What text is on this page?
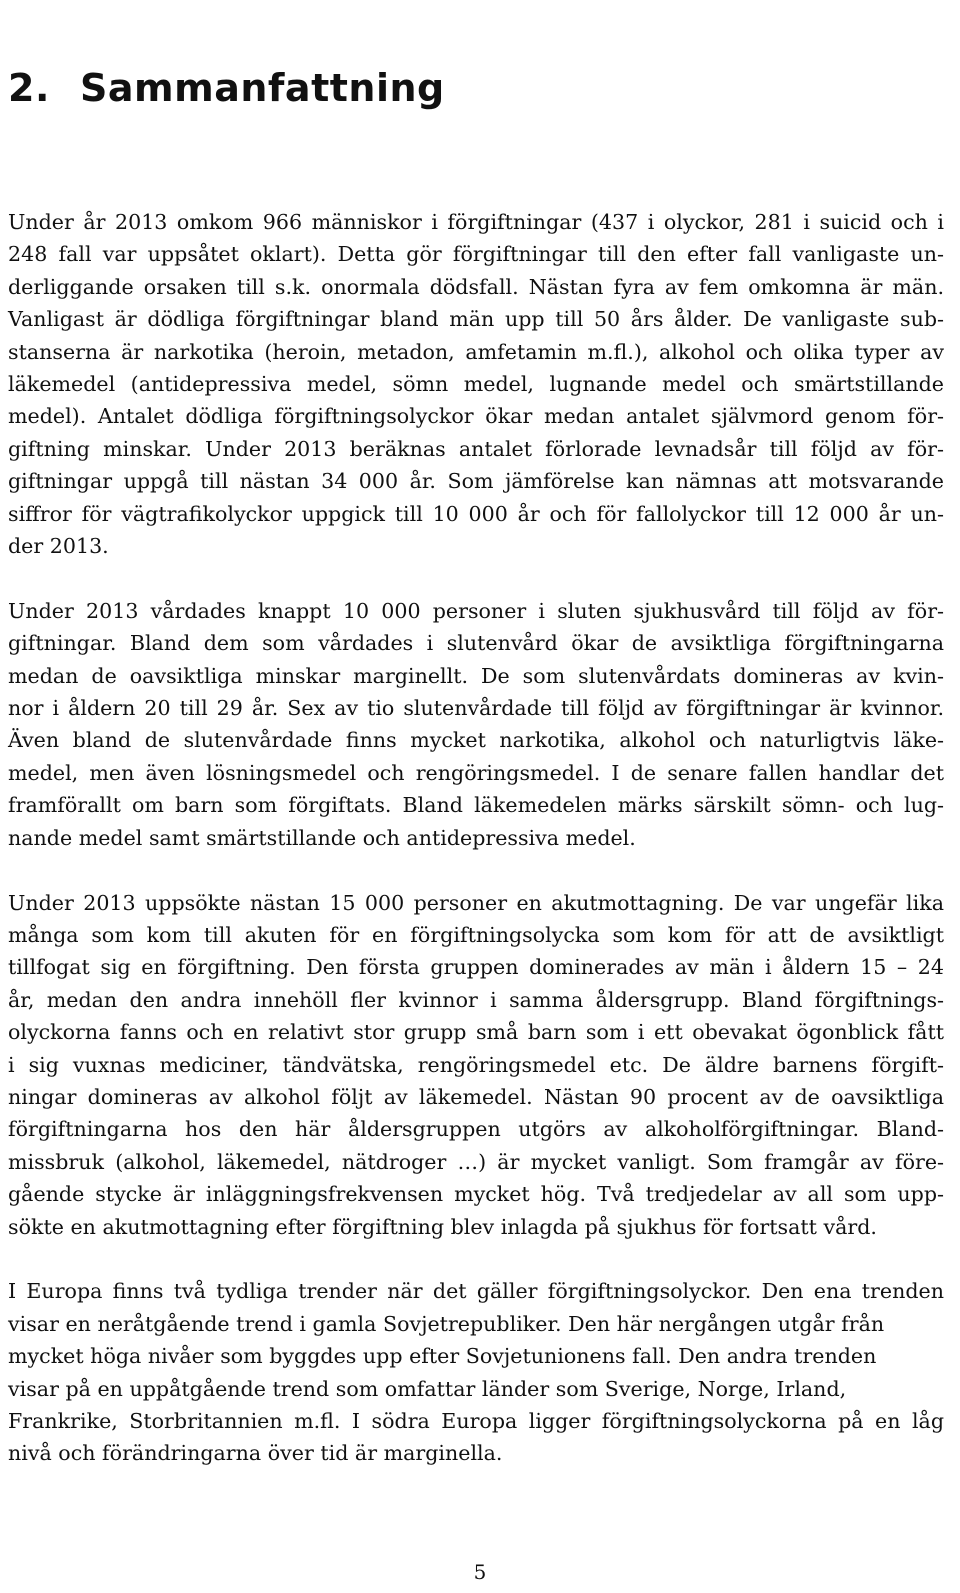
2. Sammanfattning
Under år 2013 omkom 966 människor i förgiftningar (437 i olyckor, 281 i suicid och i
248 fall var uppsåtet oklart). Detta gör förgiftningar till den efter fall vanligaste un-
derliggande orsaken till s.k. onormala dödsfall. Nästan fyra av fem omkomna är män.
Vanligast är dödliga förgiftningar bland män upp till 50 års ålder. De vanligaste sub-
stanserna är narkotika (heroin, metadon, amfetamin m.fl.), alkohol och olika typer av
läkemedel (antidepressiva medel, sömn medel, lugnande medel och smärtstillande
medel). Antalet dödliga förgiftningsolyckor ökar medan antalet självmord genom för-
giftning minskar. Under 2013 beräknas antalet förlorade levnadsår till följd av för-
giftningar uppgå till nästan 34 000 år. Som jämförelse kan nämnas att motsvarande
siffror för vägtrafikolyckor uppgick till 10 000 år och för fallolyckor till 12 000 år un-
der 2013.
Under 2013 vårdades knappt 10 000 personer i sluten sjukhusvård till följd av för-
giftningar. Bland dem som vårdades i slutenvård ökar de avsiktliga förgiftningarna
medan de oavsiktliga minskar marginellt. De som slutenvårdats domineras av kvin-
nor i åldern 20 till 29 år. Sex av tio slutenvårdade till följd av förgiftningar är kvinnor.
Även bland de slutenvårdade finns mycket narkotika, alkohol och naturligtvis läke-
medel, men även lösningsmedel och rengöringsmedel. I de senare fallen handlar det
framförallt om barn som förgiftats. Bland läkemedelen märks särskilt sömn- och lug-
nande medel samt smärtstillande och antidepressiva medel.
Under 2013 uppsökte nästan 15 000 personer en akutmottagning. De var ungefär lika
många som kom till akuten för en förgiftningsolycka som kom för att de avsiktligt
tillfogat sig en förgiftning. Den första gruppen dominerades av män i åldern 15 – 24
år, medan den andra innehöll fler kvinnor i samma åldersgrupp. Bland förgiftnings-
olyckorna fanns och en relativt stor grupp små barn som i ett obevakat ögonblick fått
i sig vuxnas mediciner, tändvätska, rengöringsmedel etc. De äldre barnens förgift-
ningar domineras av alkohol följt av läkemedel. Nästan 90 procent av de oavsiktliga
förgiftningarna hos den här åldersgruppen utgörs av alkoholförgiftningar. Bland-
missbruk (alkohol, läkemedel, nätdroger …) är mycket vanligt. Som framgår av före-
gående stycke är inläggningsfrekvensen mycket hög. Två tredjedelar av all som upp-
sökte en akutmottagning efter förgiftning blev inlagda på sjukhus för fortsatt vård.
I Europa finns två tydliga trender när det gäller förgiftningsolyckor. Den ena trenden
visar en neråtgående trend i gamla Sovjetrepubliker. Den här nergången utgår från
mycket höga nivåer som byggdes upp efter Sovjetunionens fall. Den andra trenden
visar på en uppåtgående trend som omfattar länder som Sverige, Norge, Irland,
Frankrike, Storbritannien m.fl. I södra Europa ligger förgiftningsolyckorna på en låg
nivå och förändringarna över tid är marginella.
5
